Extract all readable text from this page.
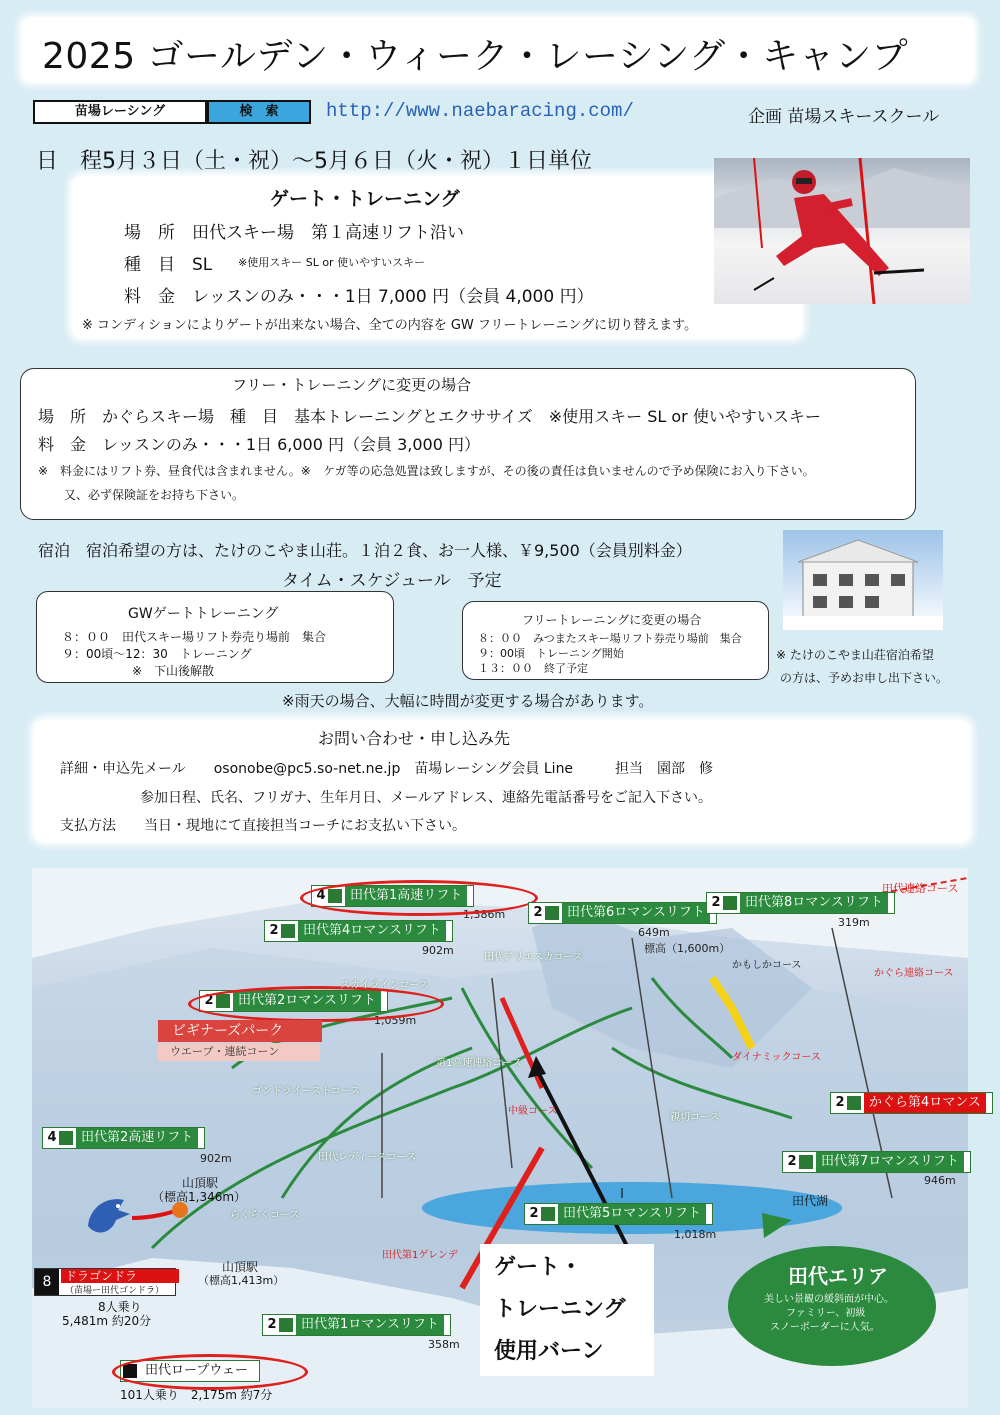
2025 ゴールデン・ウィーク・レーシング・キャンプ
苗場レーシング	検　索	http://www.naebaracing.com/	企画 苗場スキースクール
日　程5月３日（土・祝）～5月６日（火・祝）１日単位
ゲート・トレーニング
場　所　田代スキー場　第１高速リフト沿い
種　目　SL ※使用スキー SL or 使いやすいスキー
料　金　レッスンのみ・・・1日 7,000 円（会員 4,000 円）
※ コンディションによりゲートが出来ない場合、全ての内容を GW フリートレーニングに切り替えます。
フリー・トレーニングに変更の場合
場　所　かぐらスキー場　種　目　基本トレーニングとエクササイズ　※使用スキー SL or 使いやすいスキー
料　金　レッスンのみ・・・1日 6,000 円（会員 3,000 円）
※　料金にはリフト券、昼食代は含まれません。※　ケガ等の応急処置は致しますが、その後の責任は負いませんので予め保険にお入り下さい。
又、必ず保険証をお持ち下さい。
宿泊　宿泊希望の方は、たけのこやま山荘。１泊２食、お一人様、￥9,500（会員別料金）
タイム・スケジュール　予定
GWゲートトレーニング
８：００　田代スキー場リフト券売り場前　集合
９：00頃～12：30　トレーニング
※　下山後解散
フリートレーニングに変更の場合
８：００　みつまたスキー場リフト券売り場前　集合
９：00頃　トレーニング開始
１３：００　終了予定
※ たけのこやま山荘宿泊希望
の方は、予めお申し出下さい。
※雨天の場合、大幅に時間が変更する場合があります。
お問い合わせ・申し込み先
詳細・申込先メール　　osonobe@pc5.so-net.ne.jp　苗場レーシング会員 Line　　　担当　園部　修
参加日程、氏名、フリガナ、生年月日、メールアドレス、連絡先電話番号をご記入下さい。
支払方法　　当日・現地にて直接担当コーチにお支払い下さい。
4 田代第1高速リフト
1,386m
2 田代第4ロマンスリフト
902m
2 田代第2ロマンスリフト
1,059m
2 田代第6ロマンスリフト
649m
標高（1,600m）
2 田代第8ロマンスリフト
319m
田代連絡コース
4 田代第2高速リフト
902m	2 田代第7ロマンスリフト
946m
2 田代第5ロマンスリフト
1,018m
2 田代第1ロマンスリフト
358m
2 かぐら第4ロマンス
ビギナーズパーク
ウエーブ・連続コーン
スカイラインコース
田代アリエスカコース
ゴンドライーストコース
田代レディースコース
らくらくコース
かもしかコース
ダイナミックコース
親切コース
中級コース
第1高速連絡コース
田代第1ゲレンデ
かぐら連絡コース
山頂駅
（標高1,346m）
山頂駅
（標高1,413m）
8	ドラゴンドラ
（苗場ー田代ゴンドラ）
8人乗り
5,481m 約20分
田代ロープウェー
101人乗り　2,175m 約7分
田代湖
田代エリア
美しい景観の緩斜面が中心。
ファミリー、初級
スノーボーダーに人気。
ゲート・
トレーニング
使用バーン
